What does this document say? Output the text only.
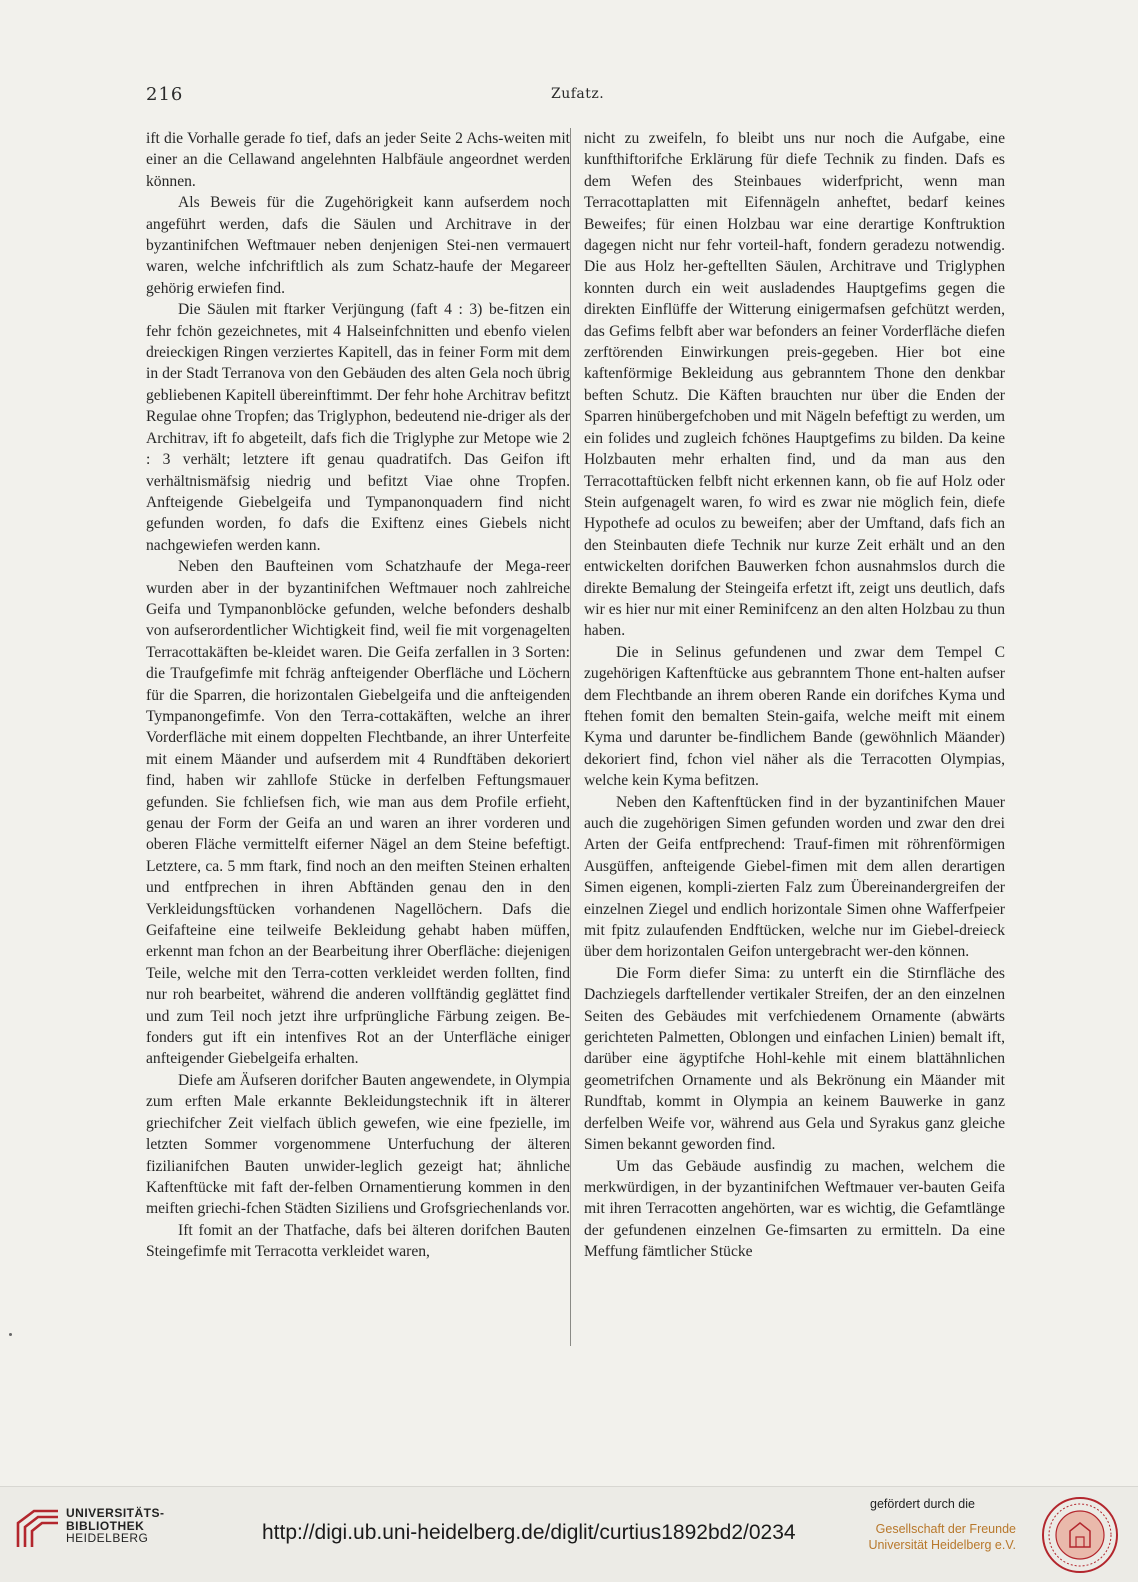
216	Zufatz.

ift die Vorhalle gerade fo tief, dafs an jeder Seite 2 Achs-weiten mit einer an die Cellawand angelehnten Halbfäule angeordnet werden können.

Als Beweis für die Zugehörigkeit kann aufserdem noch angeführt werden, dafs die Säulen und Architrave in der byzantinifchen Weftmauer neben denjenigen Stei-nen vermauert waren, welche infchriftlich als zum Schatz-haufe der Megareer gehörig erwiefen find.

Die Säulen mit ftarker Verjüngung (faft 4 : 3) be-fitzen ein fehr fchön gezeichnetes, mit 4 Halseinfchnitten und ebenfo vielen dreieckigen Ringen verziertes Kapitell, das in feiner Form mit dem in der Stadt Terranova von den Gebäuden des alten Gela noch übrig gebliebenen Kapitell übereinftimmt. Der fehr hohe Architrav befitzt Regulae ohne Tropfen; das Triglyphon, bedeutend nie-driger als der Architrav, ift fo abgeteilt, dafs fich die Triglyphe zur Metope wie 2 : 3 verhält; letztere ift genau quadratifch. Das Geifon ift verhältnismäfsig niedrig und befitzt Viae ohne Tropfen. Anfteigende Giebelgeifa und Tympanonquadern find nicht gefunden worden, fo dafs die Exiftenz eines Giebels nicht nachgewiefen werden kann.

Neben den Baufteinen vom Schatzhaufe der Mega-reer wurden aber in der byzantinifchen Weftmauer noch zahlreiche Geifa und Tympanonblöcke gefunden, welche befonders deshalb von aufserordentlicher Wichtigkeit find, weil fie mit vorgenagelten Terracottakäften be-kleidet waren. Die Geifa zerfallen in 3 Sorten: die Traufgefimfe mit fchräg anfteigender Oberfläche und Löchern für die Sparren, die horizontalen Giebelgeifa und die anfteigenden Tympanongefimfe. Von den Terra-cottakäften, welche an ihrer Vorderfläche mit einem doppelten Flechtbande, an ihrer Unterfeite mit einem Mäander und aufserdem mit 4 Rundftäben dekoriert find, haben wir zahllofe Stücke in derfelben Feftungsmauer gefunden. Sie fchliefsen fich, wie man aus dem Profile erfieht, genau der Form der Geifa an und waren an ihrer vorderen und oberen Fläche vermittelft eiferner Nägel an dem Steine befeftigt. Letztere, ca. 5 mm ftark, find noch an den meiften Steinen erhalten und entfprechen in ihren Abftänden genau den in den Verkleidungsftücken vorhandenen Nagellöchern. Dafs die Geifafteine eine teilweife Bekleidung gehabt haben müffen, erkennt man fchon an der Bearbeitung ihrer Oberfläche: diejenigen Teile, welche mit den Terra-cotten verkleidet werden follten, find nur roh bearbeitet, während die anderen vollftändig geglättet find und zum Teil noch jetzt ihre urfprüngliche Färbung zeigen. Be-fonders gut ift ein intenfives Rot an der Unterfläche einiger anfteigender Giebelgeifa erhalten.

Diefe am Äufseren dorifcher Bauten angewendete, in Olympia zum erften Male erkannte Bekleidungstechnik ift in älterer griechifcher Zeit vielfach üblich gewefen, wie eine fpezielle, im letzten Sommer vorgenommene Unterfuchung der älteren fizilianifchen Bauten unwider-leglich gezeigt hat; ähnliche Kaftenftücke mit faft der-felben Ornamentierung kommen in den meiften griechi-fchen Städten Siziliens und Grofsgriechenlands vor.

Ift fomit an der Thatfache, dafs bei älteren dorifchen Bauten Steingefimfe mit Terracotta verkleidet waren,

nicht zu zweifeln, fo bleibt uns nur noch die Aufgabe, eine kunfthiftorifche Erklärung für diefe Technik zu finden. Dafs es dem Wefen des Steinbaues widerfpricht, wenn man Terracottaplatten mit Eifennägeln anheftet, bedarf keines Beweifes; für einen Holzbau war eine derartige Konftruktion dagegen nicht nur fehr vorteil-haft, fondern geradezu notwendig. Die aus Holz her-geftellten Säulen, Architrave und Triglyphen konnten durch ein weit ausladendes Hauptgefims gegen die direkten Einflüffe der Witterung einigermafsen gefchützt werden, das Gefims felbft aber war befonders an feiner Vorderfläche diefen zerftörenden Einwirkungen preis-gegeben. Hier bot eine kaftenförmige Bekleidung aus gebranntem Thone den denkbar beften Schutz. Die Käften brauchten nur über die Enden der Sparren hinübergefchoben und mit Nägeln befeftigt zu werden, um ein folides und zugleich fchönes Hauptgefims zu bilden. Da keine Holzbauten mehr erhalten find, und da man aus den Terracottaftücken felbft nicht erkennen kann, ob fie auf Holz oder Stein aufgenagelt waren, fo wird es zwar nie möglich fein, diefe Hypothefe ad oculos zu beweifen; aber der Umftand, dafs fich an den Steinbauten diefe Technik nur kurze Zeit erhält und an den entwickelten dorifchen Bauwerken fchon ausnahmslos durch die direkte Bemalung der Steingeifa erfetzt ift, zeigt uns deutlich, dafs wir es hier nur mit einer Reminifcenz an den alten Holzbau zu thun haben.

Die in Selinus gefundenen und zwar dem Tempel C zugehörigen Kaftenftücke aus gebranntem Thone ent-halten aufser dem Flechtbande an ihrem oberen Rande ein dorifches Kyma und ftehen fomit den bemalten Stein-gaifa, welche meift mit einem Kyma und darunter be-findlichem Bande (gewöhnlich Mäander) dekoriert find, fchon viel näher als die Terracotten Olympias, welche kein Kyma befitzen.

Neben den Kaftenftücken find in der byzantinifchen Mauer auch die zugehörigen Simen gefunden worden und zwar den drei Arten der Geifa entfprechend: Trauf-fimen mit röhrenförmigen Ausgüffen, anfteigende Giebel-fimen mit dem allen derartigen Simen eigenen, kompli-zierten Falz zum Übereinandergreifen der einzelnen Ziegel und endlich horizontale Simen ohne Wafferfpeier mit fpitz zulaufenden Endftücken, welche nur im Giebel-dreieck über dem horizontalen Geifon untergebracht wer-den können.

Die Form diefer Sima: zu unterft ein die Stirnfläche des Dachziegels darftellender vertikaler Streifen, der an den einzelnen Seiten des Gebäudes mit verfchiedenem Ornamente (abwärts gerichteten Palmetten, Oblongen und einfachen Linien) bemalt ift, darüber eine ägyptifche Hohl-kehle mit einem blattähnlichen geometrifchen Ornamente und als Bekrönung ein Mäander mit Rundftab, kommt in Olympia an keinem Bauwerke in ganz derfelben Weife vor, während aus Gela und Syrakus ganz gleiche Simen bekannt geworden find.

Um das Gebäude ausfindig zu machen, welchem die merkwürdigen, in der byzantinifchen Weftmauer ver-bauten Geifa mit ihren Terracotten angehörten, war es wichtig, die Gefamtlänge der gefundenen einzelnen Ge-fimsarten zu ermitteln. Da eine Meffung fämtlicher Stücke

UNIVERSITÄTS-
BIBLIOTHEK
HEIDELBERG	http://digi.ub.uni-heidelberg.de/diglit/curtius1892bd2/0234
gefördert durch die
Gesellschaft der Freunde
Universität Heidelberg e.V.
